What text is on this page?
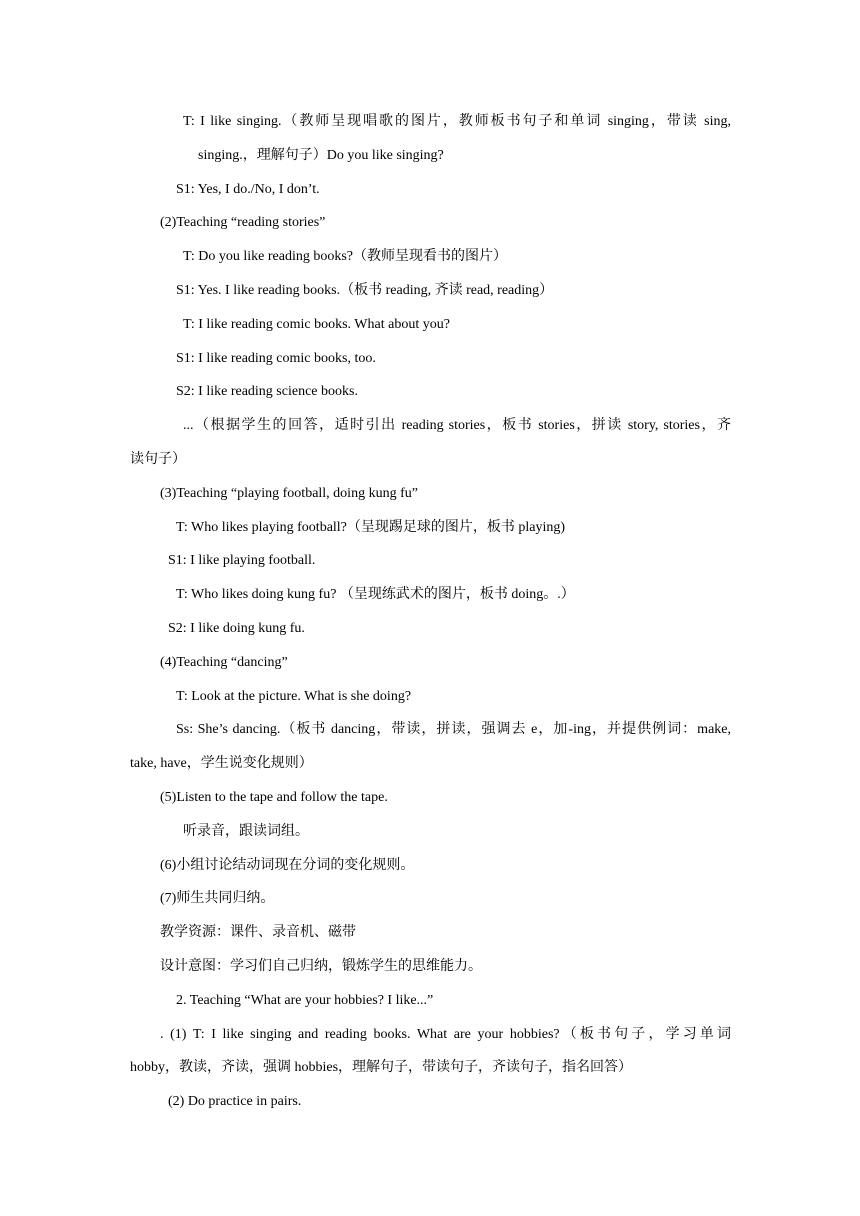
T: I like singing.（教师呈现唱歌的图片，教师板书句子和单词 singing，带读 sing,
singing.，理解句子）Do you like singing?
S1: Yes, I do./No, I don’t.
(2)Teaching “reading stories”
T: Do you like reading books?（教师呈现看书的图片）
S1: Yes. I like reading books.（板书 reading, 齐读 read, reading）
T: I like reading comic books. What about you?
S1: I like reading comic books, too.
S2: I like reading science books.
...（根据学生的回答，适时引出 reading stories，板书 stories，拼读 story, stories，齐
读句子）
(3)Teaching “playing football, doing kung fu”
T: Who likes playing football?（呈现踢足球的图片，板书 playing)
S1: I like playing football.
T: Who likes doing kung fu? （呈现练武术的图片，板书 doing。.）
S2: I like doing kung fu.
(4)Teaching “dancing”
T: Look at the picture. What is she doing?
Ss: She’s dancing.（板书 dancing，带读，拼读，强调去 e，加-ing，并提供例词：make,
take, have，学生说变化规则）
(5)Listen to the tape and follow the tape.
听录音，跟读词组。
(6)小组讨论结动词现在分词的变化规则。
(7)师生共同归纳。
教学资源：课件、录音机、磁带
设计意图：学习们自己归纳，锻炼学生的思维能力。
2. Teaching “What are your hobbies? I like...”
. (1) T: I like singing and reading books. What are your hobbies?（板书句子，学习单词
hobby，教读，齐读，强调 hobbies，理解句子，带读句子，齐读句子，指名回答）
(2) Do practice in pairs.
